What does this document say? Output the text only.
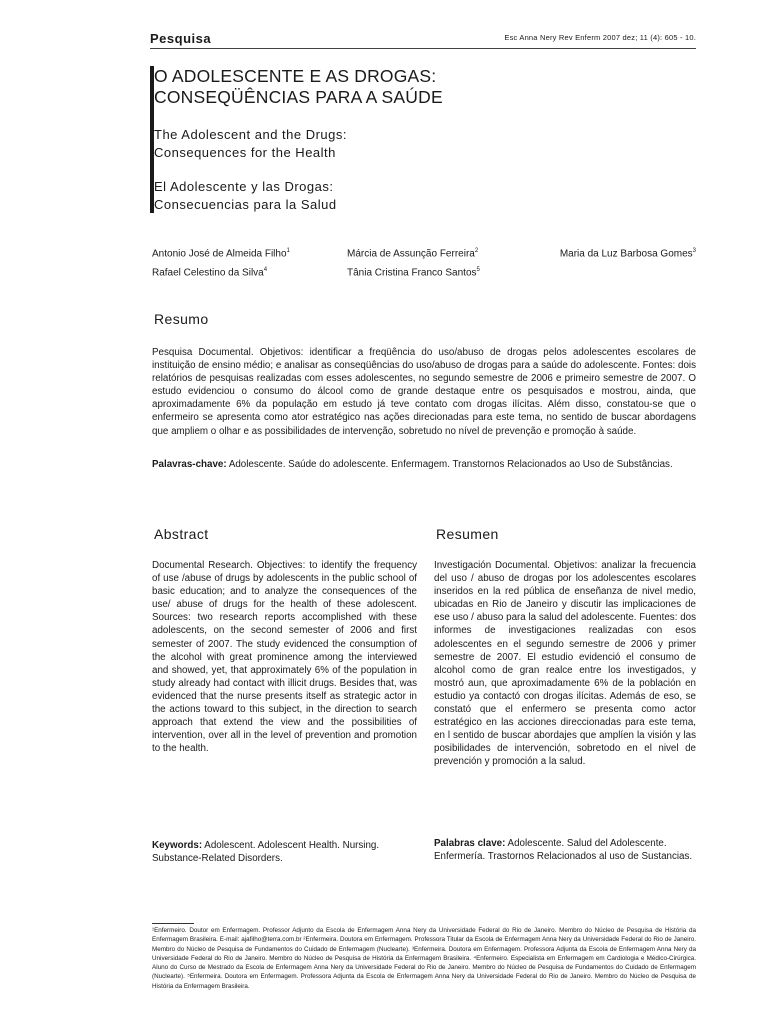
Pesquisa	Esc Anna Nery Rev Enferm 2007 dez; 11 (4): 605 - 10.
O ADOLESCENTE E AS DROGAS:
CONSEQÜÊNCIAS PARA A SAÚDE
The Adolescent and the Drugs:
Consequences for the Health
El Adolescente y las Drogas:
Consecuencias para la Salud
Antonio José de Almeida Filho$^1$	Márcia de Assunção Ferreira$^2$	Maria da Luz Barbosa Gomes$^3$
Rafael Celestino da Silva$^4$	Tânia Cristina Franco Santos$^5$
Resumo
Pesquisa Documental. Objetivos: identificar a freqüência do uso/abuso de drogas pelos adolescentes escolares de instituição de ensino médio; e analisar as conseqüências do uso/abuso de drogas para a saúde do adolescente. Fontes: dois relatórios de pesquisas realizadas com esses adolescentes, no segundo semestre de 2006 e primeiro semestre de 2007. O estudo evidenciou o consumo do álcool como de grande destaque entre os pesquisados e mostrou, ainda, que aproximadamente 6% da população em estudo já teve contato com drogas ilícitas. Além disso, constatou-se que o enfermeiro se apresenta como ator estratégico nas ações direcionadas para este tema, no sentido de buscar abordagens que ampliem o olhar e as possibilidades de intervenção, sobretudo no nível de prevenção e promoção à saúde.
Palavras-chave: Adolescente. Saúde do adolescente. Enfermagem. Transtornos Relacionados ao Uso de Substâncias.
Abstract
Documental Research. Objectives: to identify the frequency of use /abuse of drugs by adolescents in the public school of basic education; and to analyze the consequences of the use/ abuse of drugs for the health of these adolescent. Sources: two research reports accomplished with these adolescents, on the second semester of 2006 and first semester of 2007. The study evidenced the consumption of the alcohol with great prominence among the interviewed and showed, yet, that approximately 6% of the population in study already had contact with illicit drugs. Besides that, was evidenced that the nurse presents itself as strategic actor in the actions toward to this subject, in the direction to search approach that extend the view and the possibilities of intervention, over all in the level of prevention and promotion to the health.
Keywords: Adolescent. Adolescent Health. Nursing. Substance-Related Disorders.
Resumen
Investigación Documental. Objetivos: analizar la frecuencia del uso / abuso de drogas por los adolescentes escolares inseridos en la red pública de enseñanza de nivel medio, ubicadas en Rio de Janeiro y discutir las implicaciones de ese uso / abuso para la salud del adolescente. Fuentes: dos informes de investigaciones realizadas con esos adolescentes en el segundo semestre de 2006 y primer semestre de 2007. El estudio evidenció el consumo de alcohol como de gran realce entre los investigados, y mostró aun, que aproximadamente 6% de la población en estudio ya contactó con drogas ilícitas. Además de eso, se constató que el enfermero se presenta como actor estratégico en las acciones direccionadas para este tema, en l sentido de buscar abordajes que amplíen la visión y las posibilidades de intervención, sobretodo en el nivel de prevención y promoción a la salud.
Palabras clave: Adolescente. Salud del Adolescente. Enfermería. Trastornos Relacionados al uso de Sustancias.
¹Enfermeiro. Doutor em Enfermagem. Professor Adjunto da Escola de Enfermagem Anna Nery da Universidade Federal do Rio de Janeiro. Membro do Núcleo de Pesquisa de História da Enfermagem Brasileira. E-mail: ajafilho@terra.com.br ²Enfermeira. Doutora em Enfermagem. Professora Titular da Escola de Enfermagem Anna Nery da Universidade Federal do Rio de Janeiro. Membro do Núcleo de Pesquisa de Fundamentos do Cuidado de Enfermagem (Nuclearte). ³Enfermeira. Doutora em Enfermagem. Professora Adjunta da Escola de Enfermagem Anna Nery da Universidade Federal do Rio de Janeiro. Membro do Núcleo de Pesquisa de História da Enfermagem Brasileira. ⁴Enfermeiro. Especialista em Enfermagem em Cardiologia e Médico-Cirúrgica. Aluno do Curso de Mestrado da Escola de Enfermagem Anna Nery da Universidade Federal do Rio de Janeiro. Membro do Núcleo de Pesquisa de Fundamentos do Cuidado de Enfermagem (Nuclearte). ⁵Enfermeira. Doutora em Enfermagem. Professora Adjunta da Escola de Enfermagem Anna Nery da Universidade Federal do Rio de Janeiro. Membro do Núcleo de Pesquisa de História da Enfermagem Brasileira.
